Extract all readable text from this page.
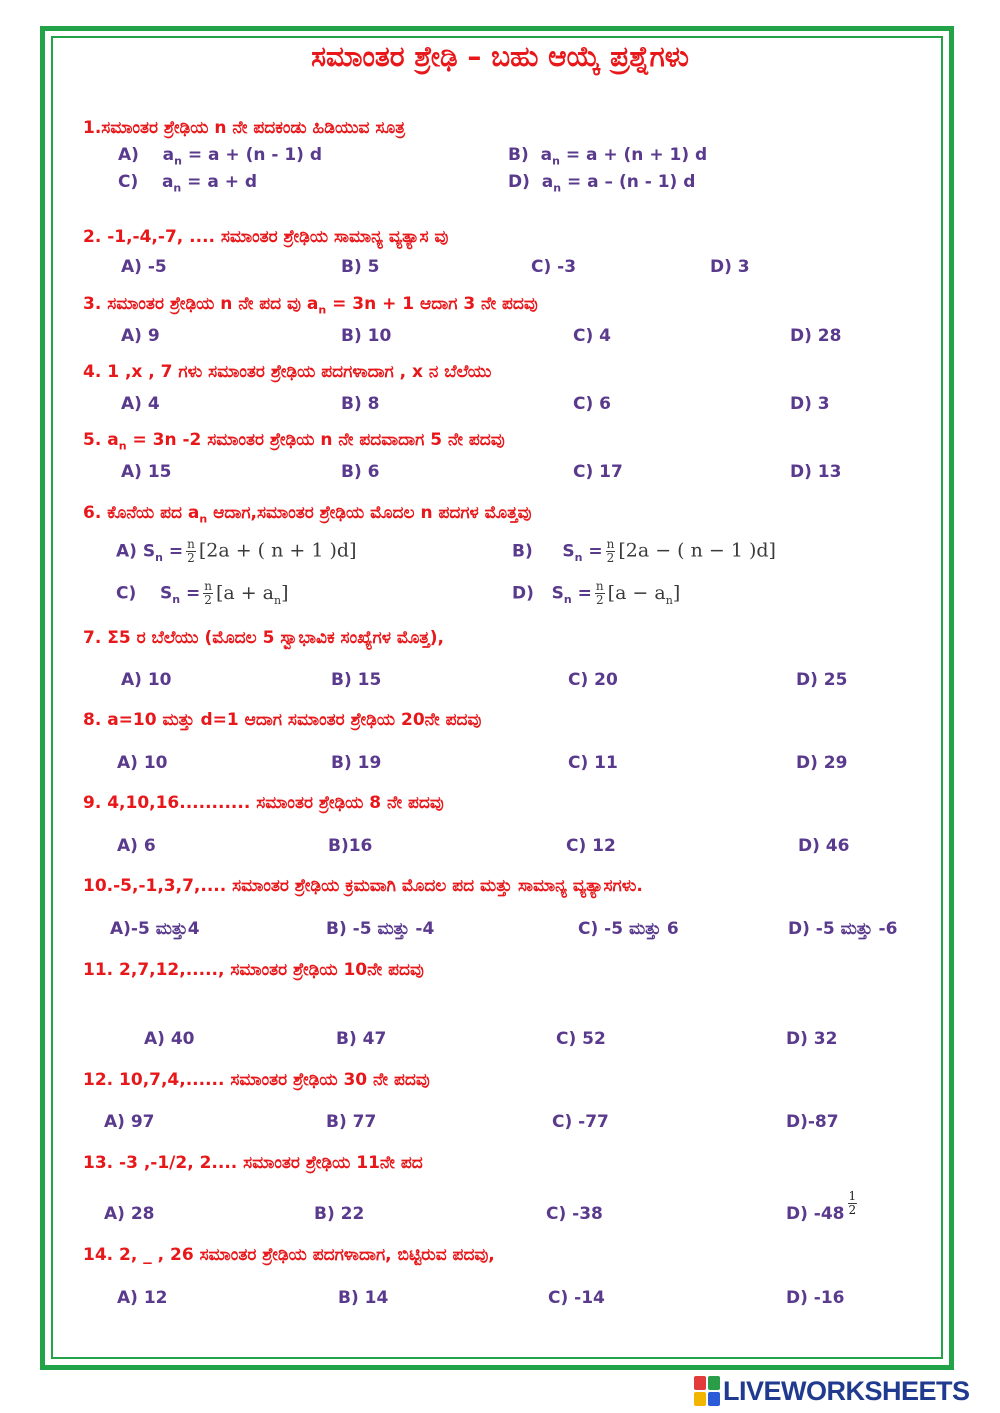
ಸಮಾಂತರ ಶ್ರೇಢಿ – ಬಹು ಆಯ್ಕೆ ಪ್ರಶ್ನೆಗಳು

1.ಸಮಾಂತರ ಶ್ರೇಢಿಯ n ನೇ ಪದಕಂಡು ಹಿಡಿಯುವ ಸೂತ್ರ

A) $a_n = a + (n - 1)$ d	B) $a_n = a + (n + 1)$ d
C) $a_n = a + d$	D) $a_n = a - (n - 1)$ d

2. -1,-4,-7, .... ಸಮಾಂತರ ಶ್ರೇಢಿಯ ಸಾಮಾನ್ಯ ವ್ಯತ್ಯಾಸ ವು

A) -5	B) 5	C) -3	D) 3

3. ಸಮಾಂತರ ಶ್ರೇಢಿಯ n ನೇ ಪದ ವು $a_n = 3n + 1$ ಆದಾಗ 3 ನೇ ಪದವು

A) 9	B) 10	C) 4	D) 28

4. 1 ,x , 7 ಗಳು ಸಮಾಂತರ ಶ್ರೇಢಿಯ ಪದಗಳಾದಾಗ , x ನ ಬೆಲೆಯು

A) 4	B) 8	C) 6	D) 3

5. $a_n = 3n$ -2 ಸಮಾಂತರ ಶ್ರೇಢಿಯ n ನೇ ಪದವಾದಾಗ 5 ನೇ ಪದವು

A) 15	B) 6	C) 17	D) 13

6. ಕೊನೆಯ ಪದ $a_n$ ಆದಾಗ,ಸಮಾಂತರ ಶ್ರೇಢಿಯ ಮೊದಲ n ಪದಗಳ ಮೊತ್ತವು

A) $S_n = \frac{n}{2} [2a$ + ( n + 1 )d]	B) $S_n = \frac{n}{2} [2a$ − ( n − 1 )d]
C) $S_n = \frac{n}{2} [a + a_n]$	D) $S_n = \frac{n}{2} [a - a_n]$

7. Σ5 ರ ಬೆಲೆಯು (ಮೊದಲ 5 ಸ್ವಾಭಾವಿಕ ಸಂಖ್ಯೆಗಳ ಮೊತ್ತ),

A) 10	B) 15	C) 20	D) 25

8. a=10 ಮತ್ತು d=1 ಆದಾಗ ಸಮಾಂತರ ಶ್ರೇಢಿಯ 20ನೇ ಪದವು

A) 10	B) 19	C) 11	D) 29

9. 4,10,16........... ಸಮಾಂತರ ಶ್ರೇಢಿಯ 8 ನೇ ಪದವು

A) 6	B)16	C) 12	D) 46

10.-5,-1,3,7,.... ಸಮಾಂತರ ಶ್ರೇಢಿಯ ಕ್ರಮವಾಗಿ ಮೊದಲ ಪದ ಮತ್ತು ಸಾಮಾನ್ಯ ವ್ಯತ್ಯಾಸಗಳು.

A)-5 ಮತ್ತು4	B) -5 ಮತ್ತು -4	C) -5 ಮತ್ತು 6	D) -5 ಮತ್ತು -6

11. 2,7,12,....., ಸಮಾಂತರ ಶ್ರೇಢಿಯ 10ನೇ ಪದವು

A) 40	B) 47	C) 52	D) 32

12. 10,7,4,...... ಸಮಾಂತರ ಶ್ರೇಢಿಯ 30 ನೇ ಪದವು

A) 97	B) 77	C) -77	D)-87

13. -3 ,-1/2, 2.... ಸಮಾಂತರ ಶ್ರೇಢಿಯ 11ನೇ ಪದ

A) 28	B) 22	C) -38	D) $-48 \frac{1}{2}$

14. 2, _ , 26 ಸಮಾಂತರ ಶ್ರೇಢಿಯ ಪದಗಳಾದಾಗ, ಬಿಟ್ಟಿರುವ ಪದವು,

A) 12	B) 14	C) -14	D) -16
LIVEWORKSHEETS
